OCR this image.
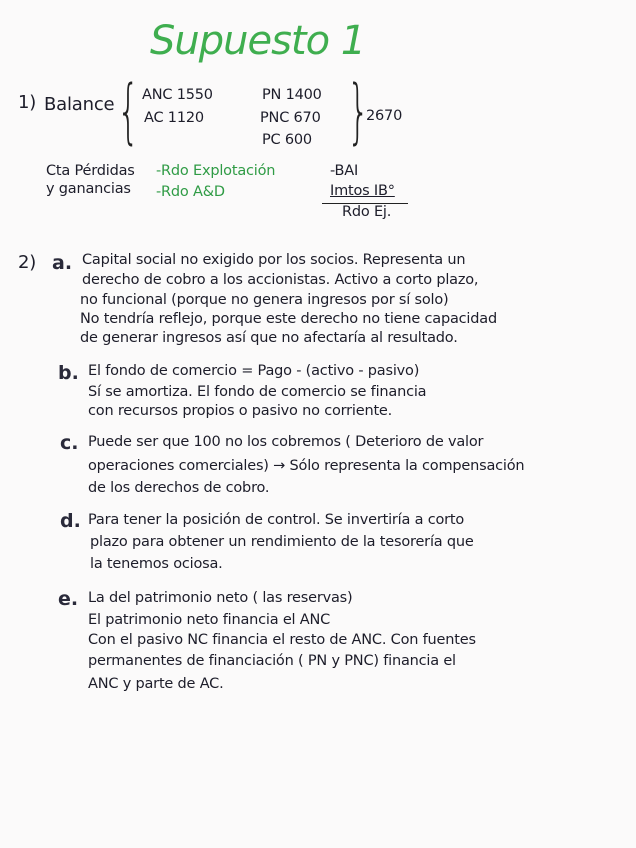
Supuesto 1
1) Balance { ANC 1550
AC 1120
PN 1400
PNC 670
PC 600 }
2670
Cta Pérdidas
y ganancias
-Rdo Explotación
-Rdo A&D
-BAI
Imtos IB°
Rdo Ej.
2) a. Capital social no exigido por los socios. Representa un
derecho de cobro a los accionistas. Activo a corto plazo,
no funcional (porque no genera ingresos por sí solo)
No tendría reflejo, porque este derecho no tiene capacidad
de generar ingresos así que no afectaría al resultado.
b. El fondo de comercio = Pago - (activo - pasivo)
Sí se amortiza. El fondo de comercio se financia
con recursos propios o pasivo no corriente.
c. Puede ser que 100 no los cobremos ( Deterioro de valor
operaciones comerciales) → Sólo representa la compensación
de los derechos de cobro.
d. Para tener la posición de control. Se invertiría a corto
plazo para obtener un rendimiento de la tesorería que
la tenemos ociosa.
e. La del patrimonio neto ( las reservas)
El patrimonio neto financia el ANC
Con el pasivo NC financia el resto de ANC. Con fuentes
permanentes de financiación ( PN y PNC) financia el
ANC y parte de AC.
